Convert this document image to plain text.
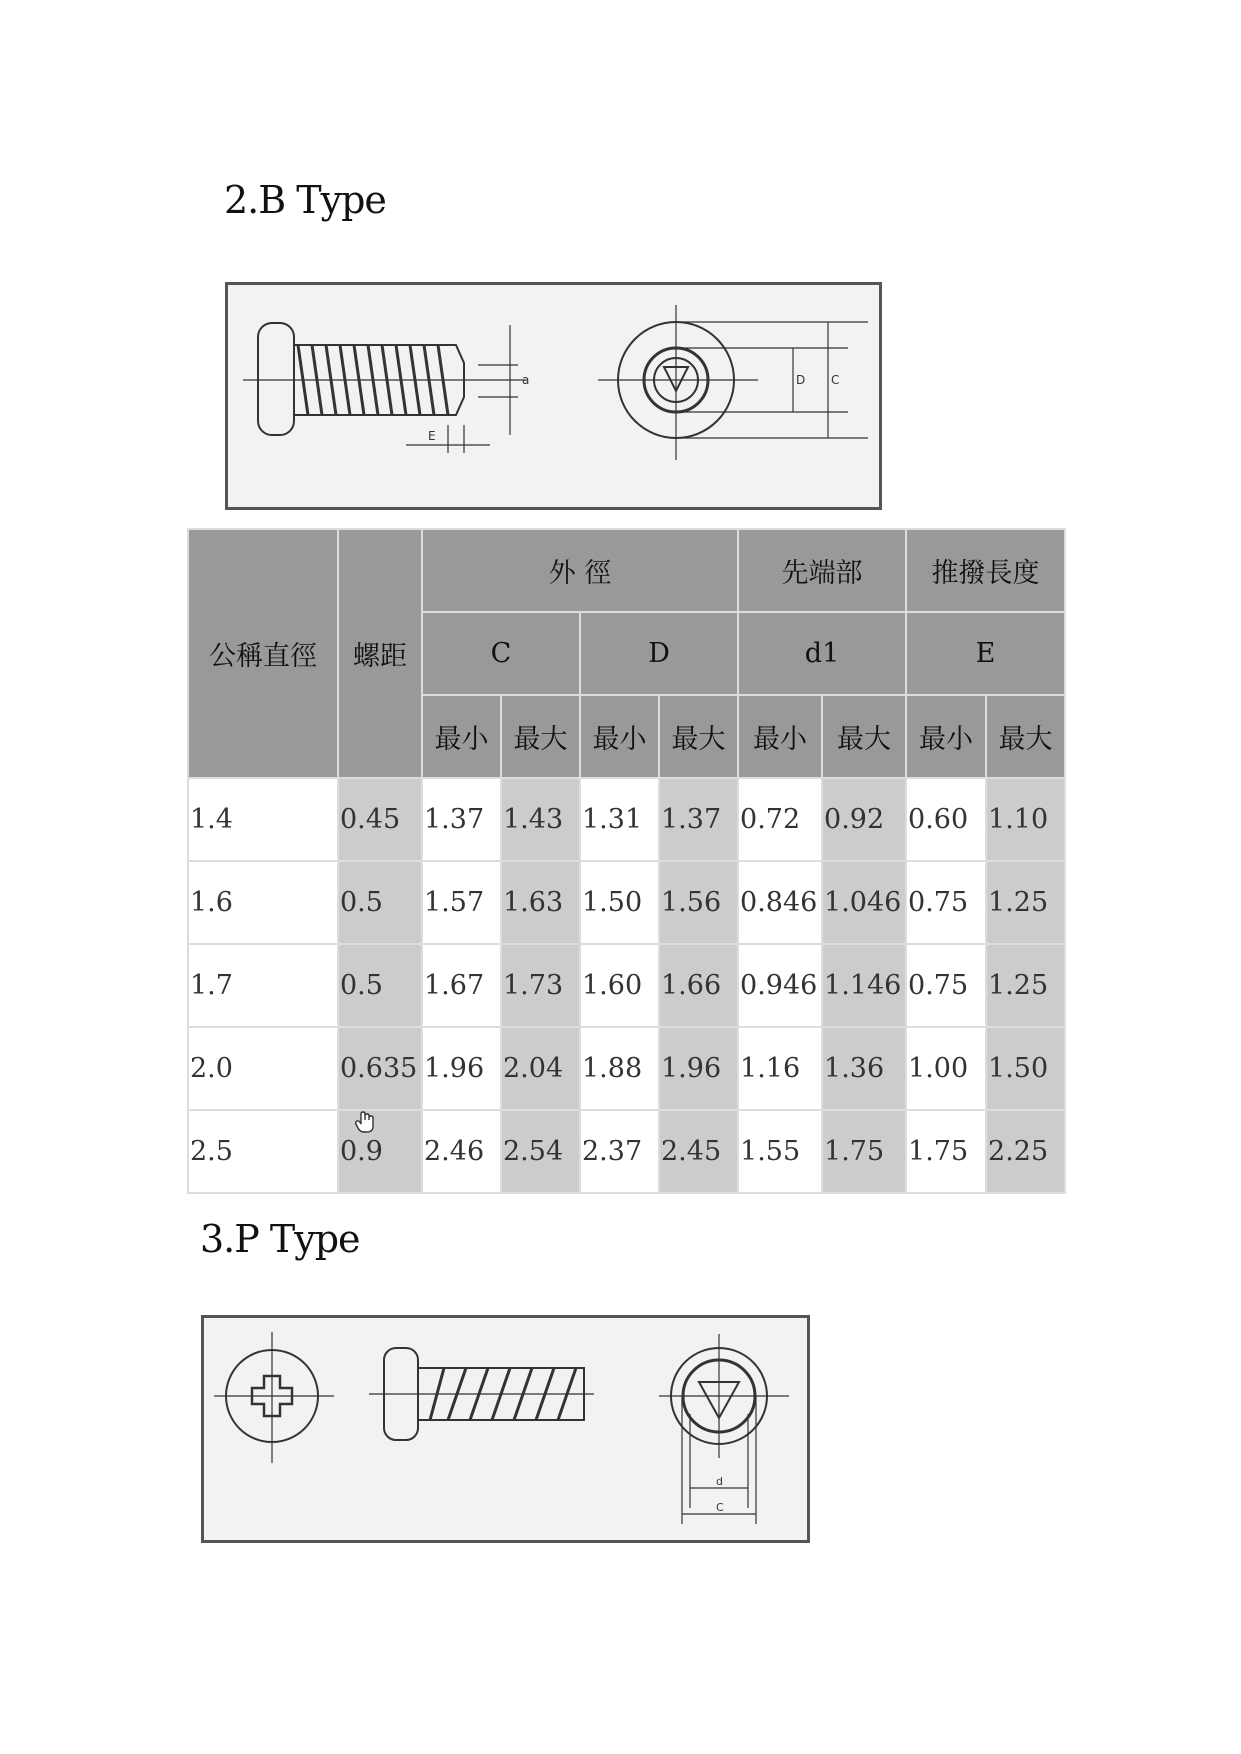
2.B Type
a	D C
E
公稱直徑	螺距	外 徑				先端部		推撥長度	
		C		D		d1		E	
		最小	最大	最小	最大	最小	最大	最小	最大
1.4	0.45	1.37	1.43	1.31	1.37	0.72	0.92	0.60	1.10
1.6	0.5	1.57	1.63	1.50	1.56	0.846	1.046	0.75	1.25
1.7	0.5	1.67	1.73	1.60	1.66	0.946	1.146	0.75	1.25
2.0	0.635	1.96	2.04	1.88	1.96	1.16	1.36	1.00	1.50
2.5	0.9	2.46	2.54	2.37	2.45	1.55	1.75	1.75	2.25
3.P Type
d
C
